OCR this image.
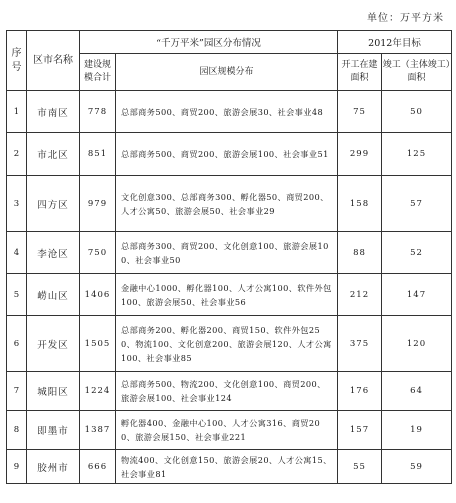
单位：万平方米
序号	区市名称	“千万平米”园区分布情况		2012年目标	
		建设规模合计	园区规模分布	开工在建面积	竣工（主体竣工）面积
1	市南区	778	总部商务500、商贸200、旅游会展30、社会事业48	75	50
2	市北区	851	总部商务500、商贸200、旅游会展100、社会事业51	299	125
3	四方区	979	文化创意300、总部商务300、孵化器50、商贸200、人才公寓50、旅游会展50、社会事业29	158	57
4	李沧区	750	总部商务300、商贸200、文化创意100、旅游会展100、社会事业50	88	52
5	崂山区	1406	金融中心1000、孵化器100、人才公寓100、软件外包100、旅游会展50、社会事业56	212	147
6	开发区	1505	总部商务200、孵化器200、商贸150、软件外包250、物流100、文化创意200、旅游会展120、人才公寓100、社会事业85	375	120
7	城阳区	1224	总部商务500、物流200、文化创意100、商贸200、旅游会展100、社会事业124	176	64
8	即墨市	1387	孵化器400、金融中心100、人才公寓316、商贸200、旅游会展150、社会事业221	157	19
9	胶州市	666	物流400、文化创意150、旅游会展20、人才公寓15、社会事业81	55	59
